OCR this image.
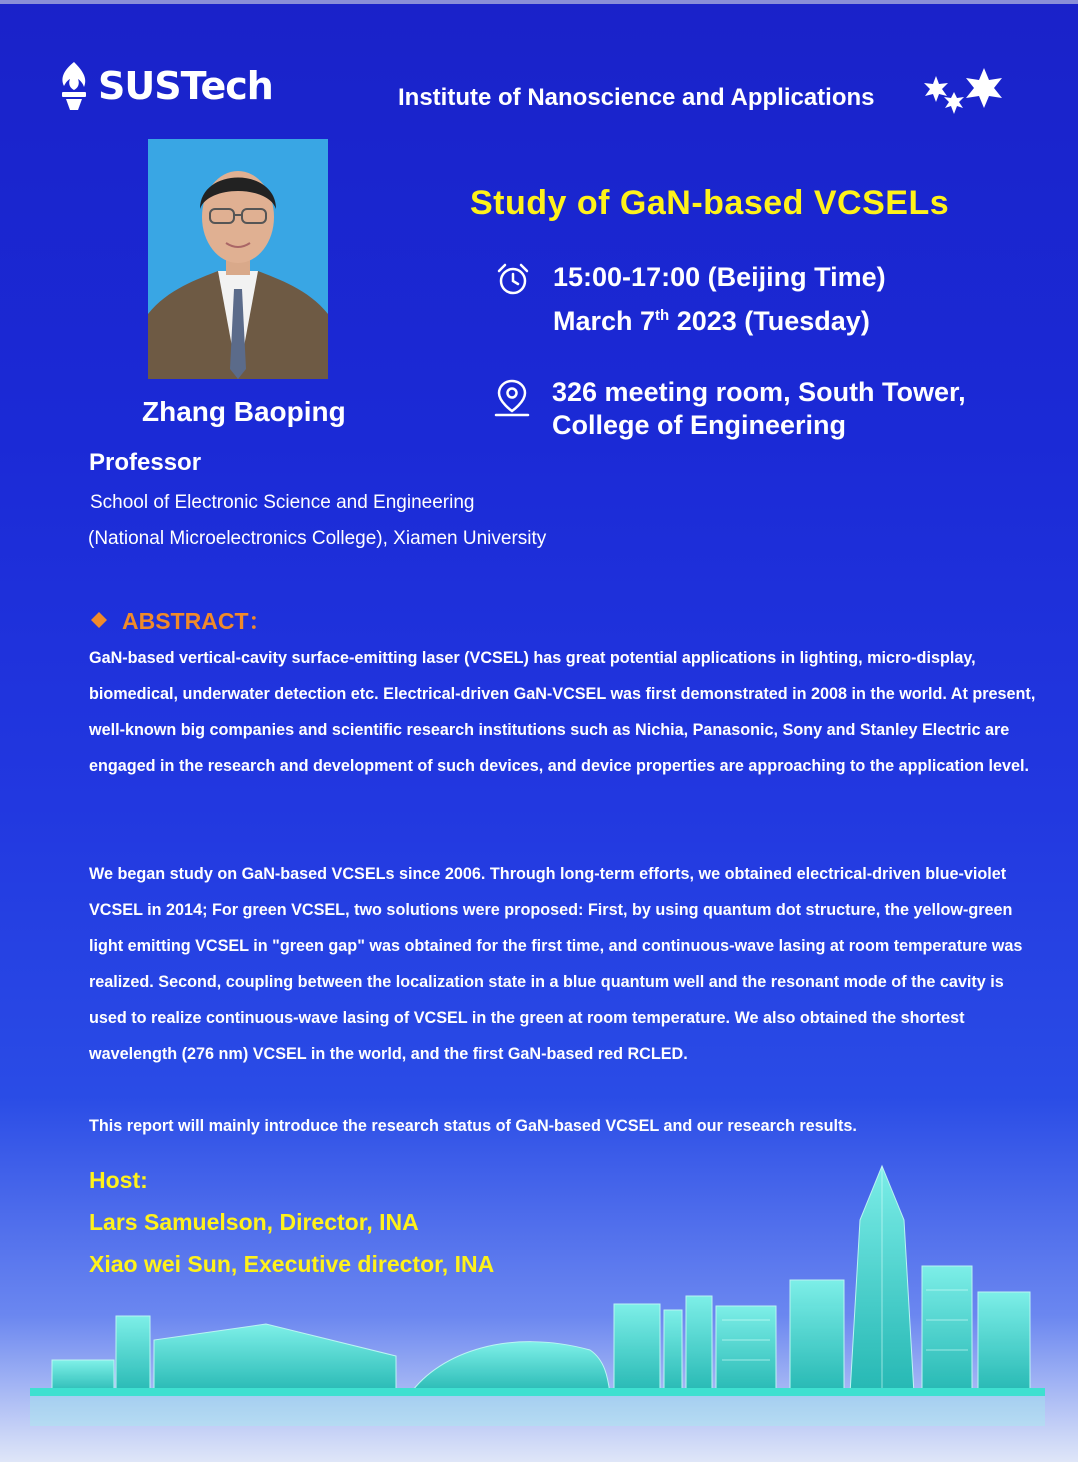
SUSTech	Institute of Nanoscience and Applications
Zhang Baoping
Professor
School of Electronic Science and Engineering
(National Microelectronics College), Xiamen University
Study of GaN-based VCSELs
15:00-17:00 (Beijing Time)
March 7th 2023 (Tuesday)
326 meeting room, South Tower,
College of Engineering
ABSTRACT：

GaN-based vertical-cavity surface-emitting laser (VCSEL) has great potential applications in lighting, micro-display, biomedical, underwater detection etc. Electrical-driven GaN-VCSEL was first demonstrated in 2008 in the world. At present, well-known big companies and scientific research institutions such as Nichia, Panasonic, Sony and Stanley Electric are engaged in the research and development of such devices, and device properties are approaching to the application level.

We began study on GaN-based VCSELs since 2006. Through long-term efforts, we obtained electrical-driven blue-violet VCSEL in 2014; For green VCSEL, two solutions were proposed: First, by using quantum dot structure, the yellow-green light emitting VCSEL in "green gap" was obtained for the first time, and continuous-wave lasing at room temperature was realized. Second, coupling between the localization state in a blue quantum well and the resonant mode of the cavity is used to realize continuous-wave lasing of VCSEL in the green at room temperature. We also obtained the shortest wavelength (276 nm) VCSEL in the world, and the first GaN-based red RCLED.

This report will mainly introduce the research status of GaN-based VCSEL and our research results.

Host:
Lars Samuelson, Director, INA
Xiao wei Sun, Executive director, INA
